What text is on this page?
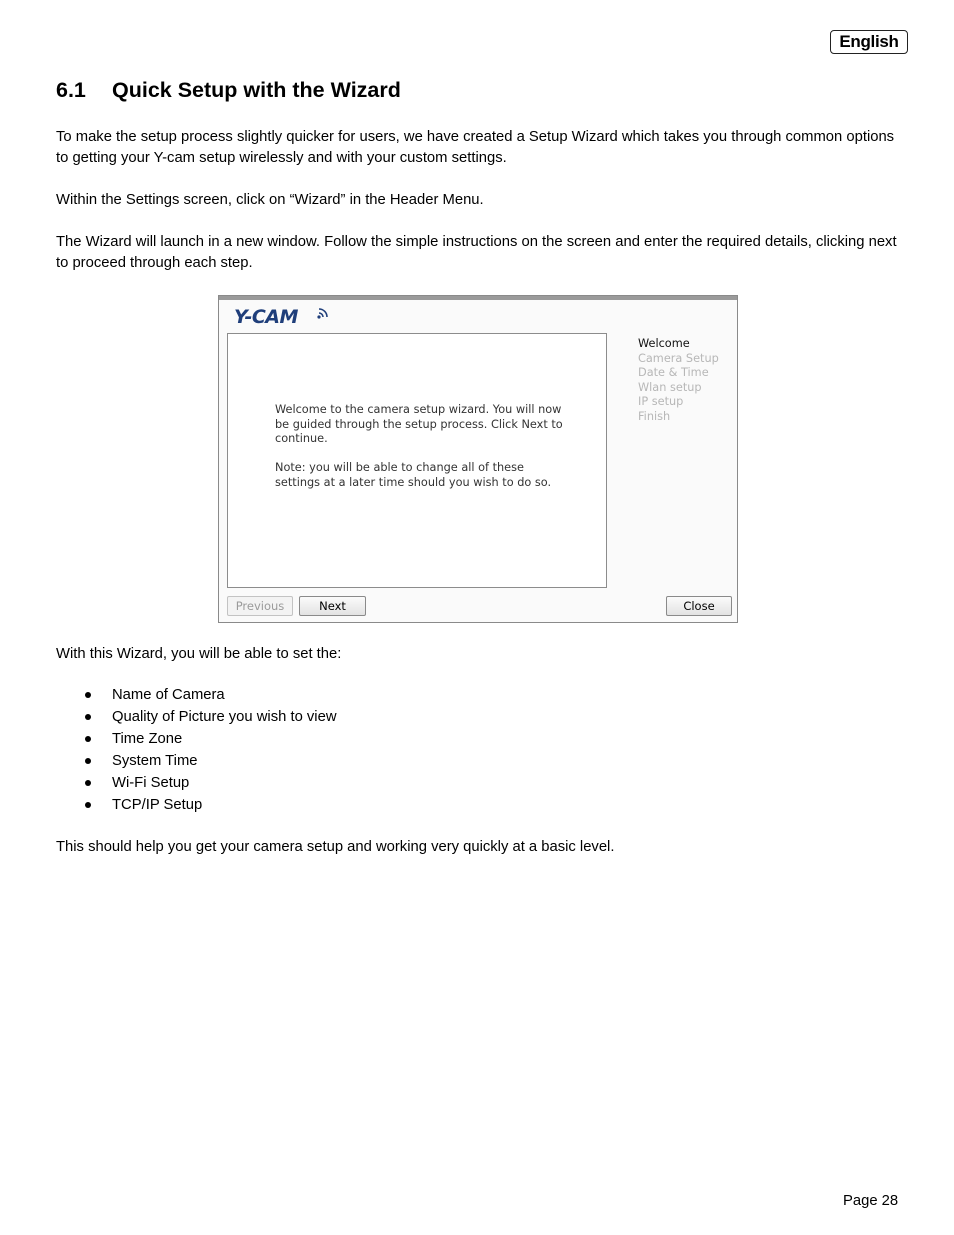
English
6.1 Quick Setup with the Wizard

To make the setup process slightly quicker for users, we have created a Setup Wizard which takes you through common options to getting your Y-cam setup wirelessly and with your custom settings.

Within the Settings screen, click on “Wizard” in the Header Menu.

The Wizard will launch in a new window. Follow the simple instructions on the screen and enter the required details, clicking next to proceed through each step.

Y-CAM

Welcome to the camera setup wizard. You will now be guided through the setup process. Click Next to continue.

Note: you will be able to change all of these settings at a later time should you wish to do so.

Welcome
Camera Setup
Date & Time
Wlan setup
IP setup
Finish
Previous	Next	Close

With this Wizard, you will be able to set the:

Name of Camera
Quality of Picture you wish to view
Time Zone
System Time
Wi-Fi Setup
TCP/IP Setup

This should help you get your camera setup and working very quickly at a basic level.

Page 28
